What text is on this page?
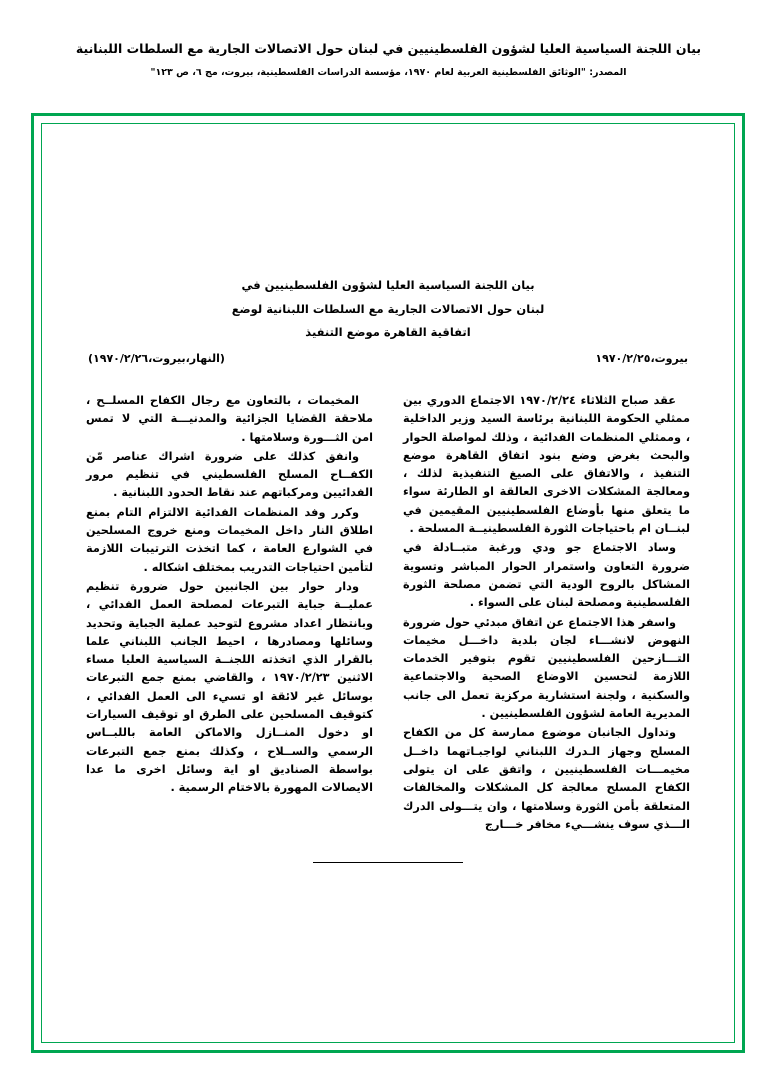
بيان اللجنة السياسية العليا لشؤون الفلسطينيين في لبنان حول الاتصالات الجارية مع السلطات اللبنانية
المصدر: "الوثائق الفلسطينية العربية لعام ١٩٧٠، مؤسسة الدراسات الفلسطينية، بيروت، مج ٦، ص ١٢٣"
بيان اللجنة السياسية العليا لشؤون الفلسطينيين في
لبنان حول الاتصالات الجارية مع السلطات اللبنانية لوضع
اتفاقية القاهرة موضع التنفيذ
بيروت،١٩٧٠/٢/٢٥
(النهار،بيروت،١٩٧٠/٢/٢٦)

عقد صباح الثلاثاء ١٩٧٠/٢/٢٤ الاجتماع الدوري بين ممثلي الحكومة اللبنانية برئاسة السيد وزير الداخلية ، وممثلي المنظمات الفدائية ، وذلك لمواصلة الحوار والبحث بغرض وضع بنود اتفاق القاهرة موضع التنفيذ ، والاتفاق على الصيغ التنفيذية لذلك ، ومعالجة المشكلات الاخرى العالقة او الطارئة سواء ما يتعلق منها بأوضاع الفلسطينيين المقيمين في لبنــان ام باحتياجات الثورة الفلسطينيــة المسلحة .

وساد الاجتماع جو ودي ورغبة متبــادلة في ضرورة التعاون واستمرار الحوار المباشر وتسوية المشاكل بالروح الودية التي تضمن مصلحة الثورة الفلسطينية ومصلحة لبنان على السواء .

واسفر هذا الاجتماع عن اتفاق مبدئي حول ضرورة النهوض لانشـــاء لجان بلدية داخـــل مخيمات التـــازحين الفلسطينيين تقوم بتوفير الخدمات اللازمة لتحسين الاوضاع الصحية والاجتماعية والسكنية ، ولجنة استشارية مركزية تعمل الى جانب المديرية العامة لشؤون الفلسطينيين .

وتداول الجانبان موضوع ممارسة كل من الكفاح المسلح وجهاز الـدرك اللبناني لواجبـاتهما داخــل مخيمـــات الفلسطينيين ، واتفق على ان يتولى الكفاح المسلح معالجة كل المشكلات والمخالفات المتعلقة بأمن الثورة وسلامتها ، وان يتـــولى الدرك الـــذي سوف ينشـــيء مخافر خـــارج

المخيمات ، بالتعاون مع رجال الكفاح المسلــح ، ملاحقة القضايا الجزائية والمدنيـــة التي لا تمس امن الثـــورة وسلامتها .

وانفق كذلك على ضرورة اشراك عناصر مّن الكفــاح المسلح الفلسطيني في تنظيم مرور الفدائيين ومركباتهم عند نقاط الحدود اللبنانية .

وكرر وفد المنظمات الفدائية الالتزام التام بمنع اطلاق النار داخل المخيمات ومنع خروج المسلحين في الشوارع العامة ، كما اتخذت الترتيبات اللازمة لتأمين احتياجات التدريب بمختلف اشكاله .

ودار حوار بين الجانبين حول ضرورة تنظيم عمليــة جباية التبرعات لمصلحة العمل الفدائي ، وبانتظار اعداد مشروع لتوحيد عملية الجباية وتحديد وسائلها ومصادرها ، احيط الجانب اللبناني علما بالقرار الذي اتخذته اللجنــة السياسية العليا مساء الاثنين ١٩٧٠/٢/٢٣ ، والقاضي بمنع جمع التبرعات بوسائل غير لائقة او تسيء الى العمل الفدائي ، كتوقيف المسلحين على الطرق او توقيف السيارات او دخول المنــازل والاماكن العامة باللبــاس الرسمي والســلاح ، وكذلك بمنع جمع التبرعات بواسطة الصناديق او اية وسائل اخرى ما عدا الايصالات المهورة بالاختام الرسمية .
